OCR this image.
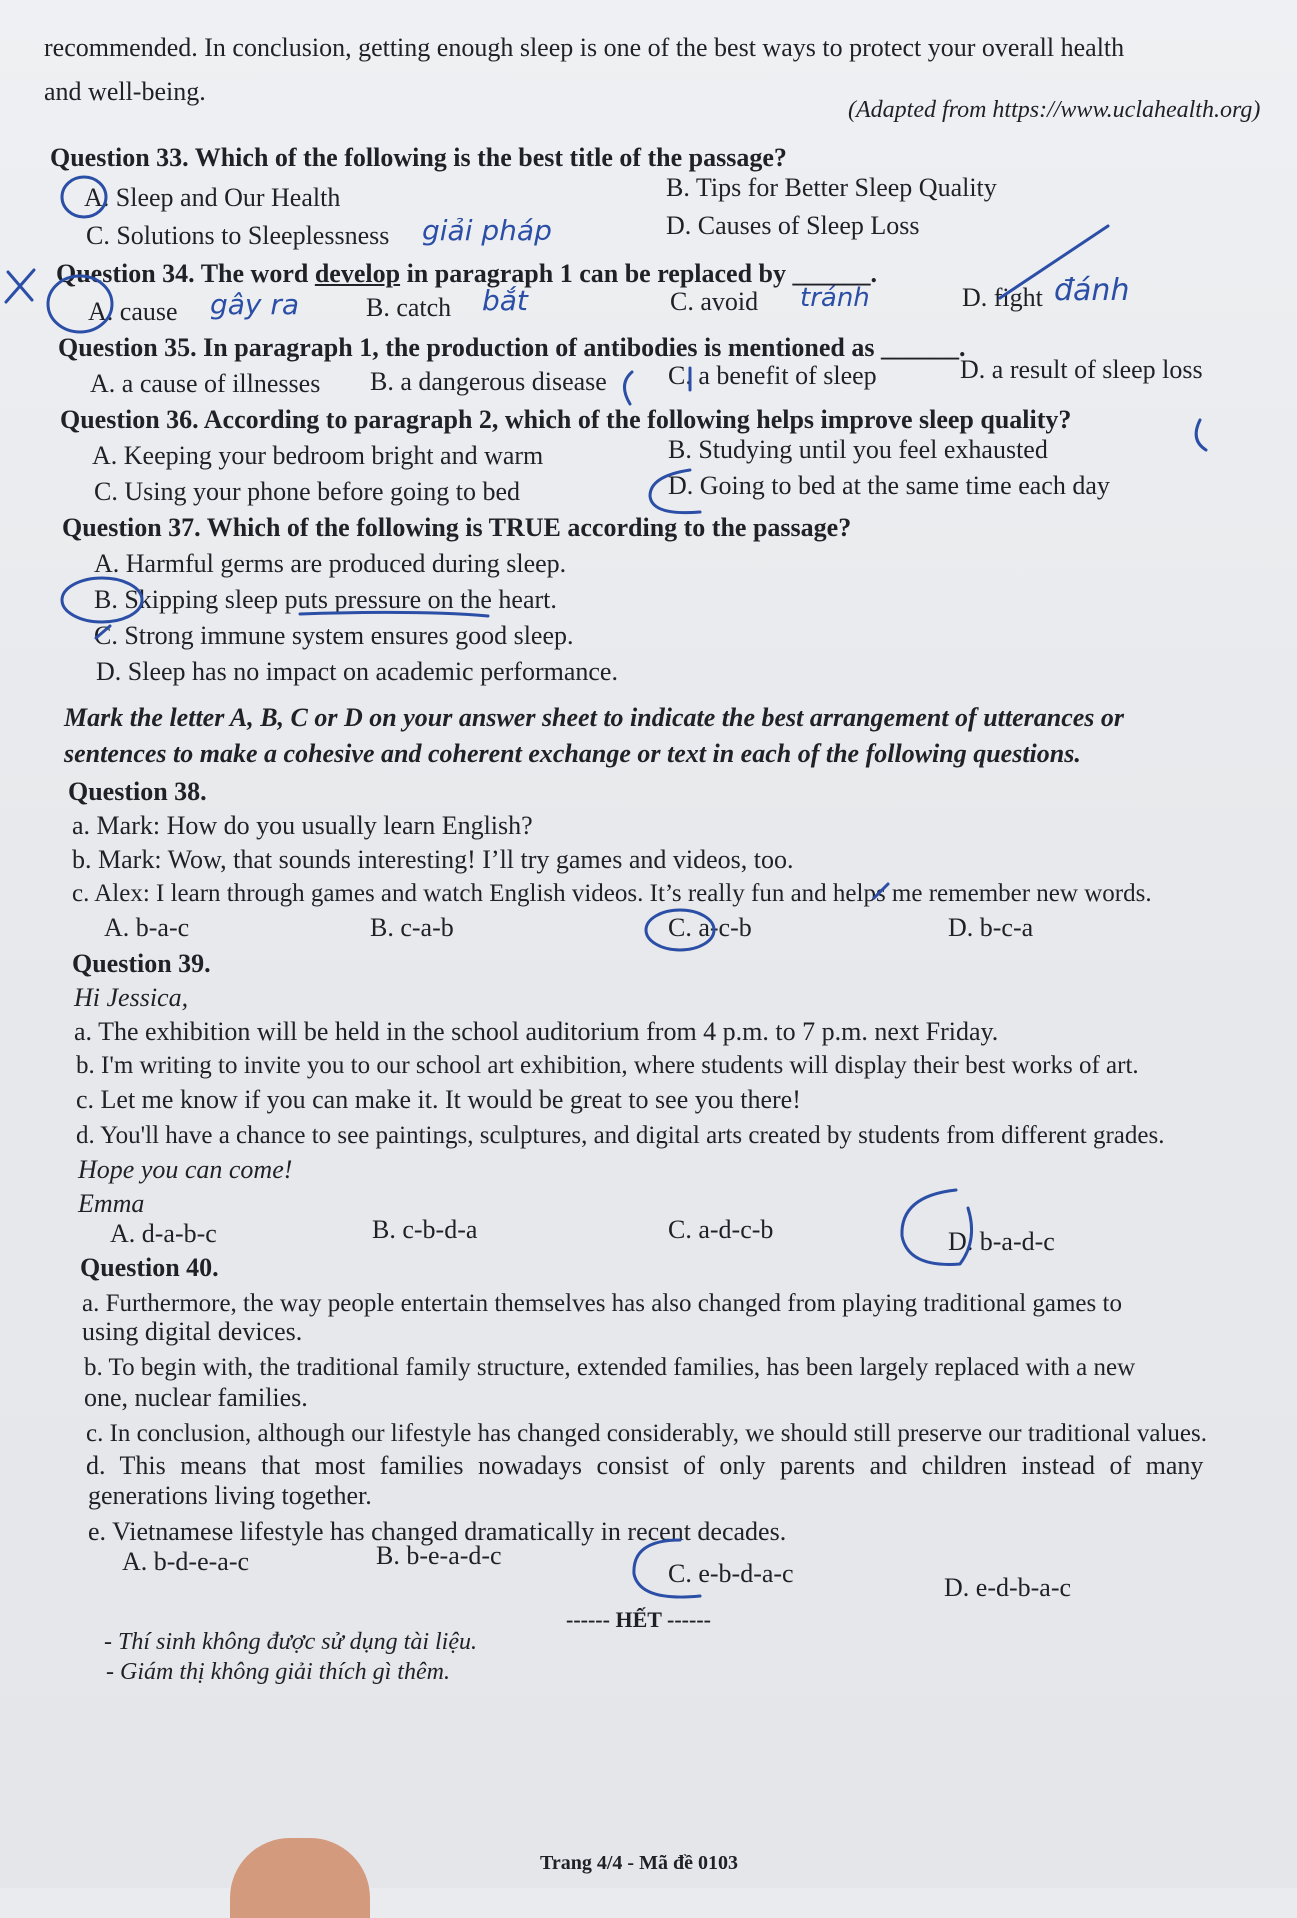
recommended. In conclusion, getting enough sleep is one of the best ways to protect your overall health
and well-being.
(Adapted from https://www.uclahealth.org)
Question 33. Which of the following is the best title of the passage?
A. Sleep and Our Health	B. Tips for Better Sleep Quality
C. Solutions to Sleeplessness	D. Causes of Sleep Loss
Question 34. The word develop in paragraph 1 can be replaced by ______.
A. cause	B. catch	C. avoid	D. fight
Question 35. In paragraph 1, the production of antibodies is mentioned as ______.
A. a cause of illnesses B. a dangerous disease C. a benefit of sleep	D. a result of sleep loss
Question 36. According to paragraph 2, which of the following helps improve sleep quality?
A. Keeping your bedroom bright and warm	B. Studying until you feel exhausted
C. Using your phone before going to bed	D. Going to bed at the same time each day
Question 37. Which of the following is TRUE according to the passage?
A. Harmful germs are produced during sleep.
B. Skipping sleep puts pressure on the heart.
C. Strong immune system ensures good sleep.
D. Sleep has no impact on academic performance.
Mark the letter A, B, C or D on your answer sheet to indicate the best arrangement of utterances or
sentences to make a cohesive and coherent exchange or text in each of the following questions.
Question 38.
a. Mark: How do you usually learn English?
b. Mark: Wow, that sounds interesting! I’ll try games and videos, too.
c. Alex: I learn through games and watch English videos. It’s really fun and helps me remember new words.
A. b-a-c	B. c-a-b	C. a-c-b	D. b-c-a
Question 39.
Hi Jessica,
a. The exhibition will be held in the school auditorium from 4 p.m. to 7 p.m. next Friday.
b. I'm writing to invite you to our school art exhibition, where students will display their best works of art.
c. Let me know if you can make it. It would be great to see you there!
d. You'll have a chance to see paintings, sculptures, and digital arts created by students from different grades.
Hope you can come!
Emma
A. d-a-b-c	B. c-b-d-a	C. a-d-c-b	D. b-a-d-c
Question 40.
a. Furthermore, the way people entertain themselves has also changed from playing traditional games to
using digital devices.
b. To begin with, the traditional family structure, extended families, has been largely replaced with a new
one, nuclear families.
c. In conclusion, although our lifestyle has changed considerably, we should still preserve our traditional values.
d. This means that most families nowadays consist of only parents and children instead of many
generations living together.
e. Vietnamese lifestyle has changed dramatically in recent decades.
A. b-d-e-a-c	B. b-e-a-d-c
C. e-b-d-a-c	D. e-d-b-a-c
------ HẾT ------
- Thí sinh không được sử dụng tài liệu.
- Giám thị không giải thích gì thêm.
Trang 4/4 - Mã đề 0103
giải pháp
gây ra	bắt	tránh	đánh
